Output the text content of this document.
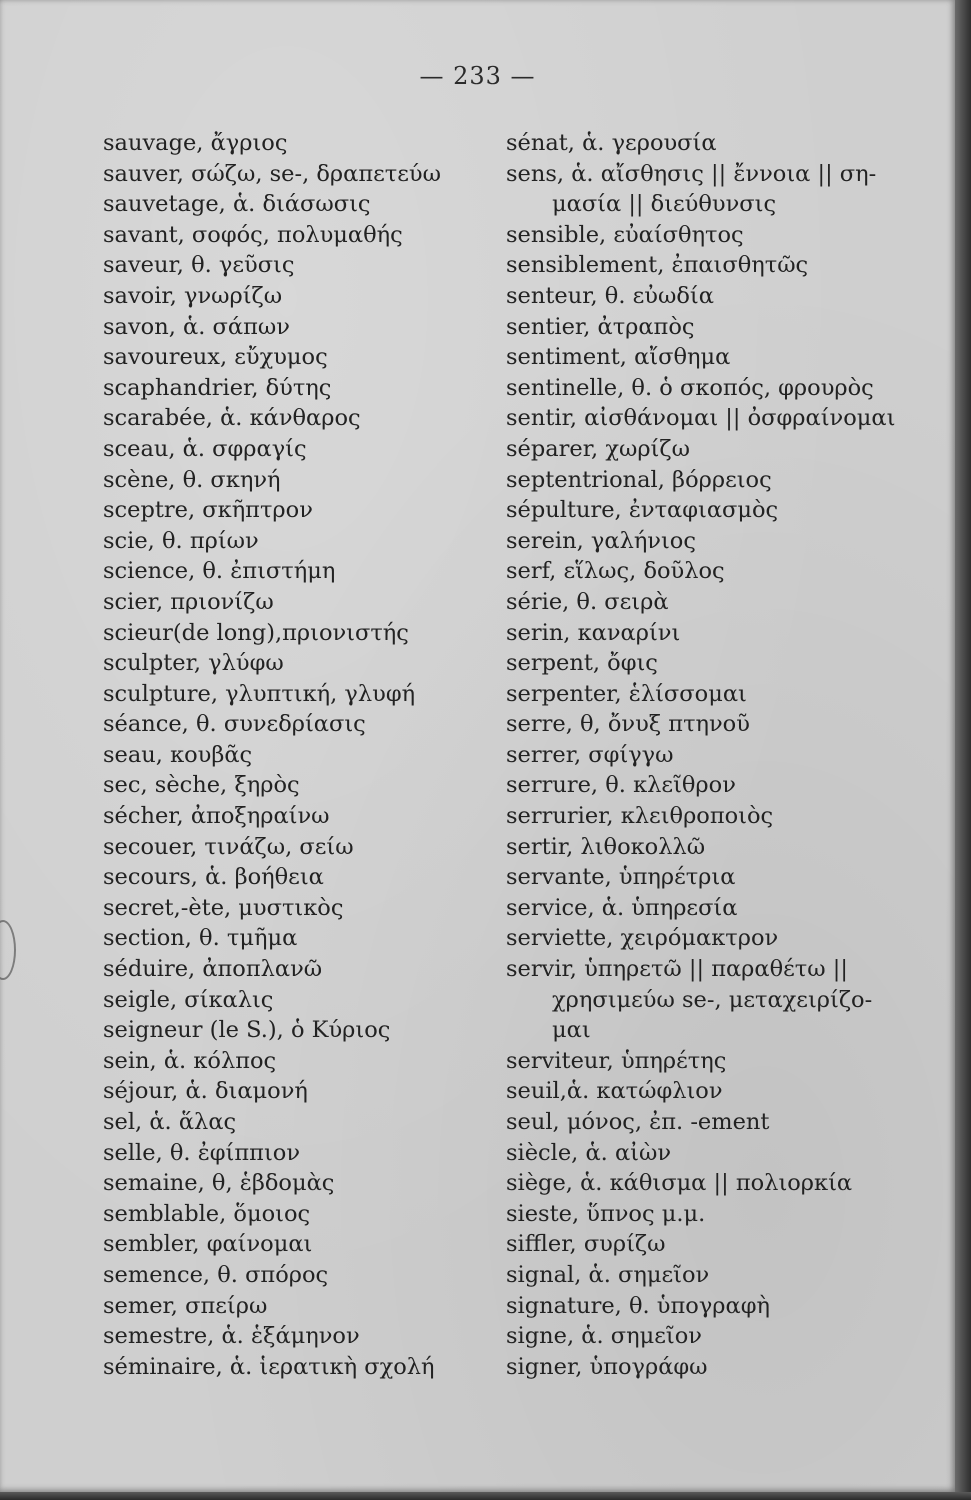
— 233 —
sauvage, ἄγριος
sauver, σώζω, se-, δραπετεύω
sauvetage, ἁ. διάσωσις
savant, σοφός, πολυμαθής
saveur, θ. γεῦσις
savoir, γνωρίζω
savon, ἁ. σάπων
savoureux, εὔχυμος
scaphandrier, δύτης
scarabée, ἁ. κάνθαρος
sceau, ἁ. σφραγίς
scène, θ. σκηνή
sceptre, σκῆπτρον
scie, θ. πρίων
science, θ. ἐπιστήμη
scier, πριονίζω
scieur(de long),πριονιστής
sculpter, γλύφω
sculpture, γλυπτική, γλυφή
séance, θ. συνεδρίασις
seau, κουβᾶς
sec, sèche, ξηρὸς
sécher, ἀποξηραίνω
secouer, τινάζω, σείω
secours, ἁ. βοήθεια
secret,-ète, μυστικὸς
section, θ. τμῆμα
séduire, ἀποπλανῶ
seigle, σίκαλις
seigneur (le S.), ὁ Κύριος
sein, ἁ. κόλπος
séjour, ἁ. διαμονή
sel, ἁ. ἅλας
selle, θ. ἐφίππιον
semaine, θ, ἑβδομὰς
semblable, ὅμοιος
sembler, φαίνομαι
semence, θ. σπόρος
semer, σπείρω
semestre, ἁ. ἑξάμηνον
séminaire, ἁ. ἱερατικὴ σχολή
sénat, ἁ. γερουσία
sens, ἁ. αἴσθησις || ἔννοια || ση-
μασία || διεύθυνσις
sensible, εὐαίσθητος
sensiblement, ἐπαισθητῶς
senteur, θ. εὐωδία
sentier, ἀτραπὸς
sentiment, αἴσθημα
sentinelle, θ. ὁ σκοπός, φρουρὸς
sentir, αἰσθάνομαι || ὀσφραίνομαι
séparer, χωρίζω
septentrional, βόρρειος
sépulture, ἐνταφιασμὸς
serein, γαλήνιος
serf, εἵλως, δοῦλος
série, θ. σειρὰ
serin, καναρίνι
serpent, ὄφις
serpenter, ἑλίσσομαι
serre, θ, ὄνυξ πτηνοῦ
serrer, σφίγγω
serrure, θ. κλεῖθρον
serrurier, κλειθροποιὸς
sertir, λιθοκολλῶ
servante, ὑπηρέτρια
service, ἁ. ὑπηρεσία
serviette, χειρόμακτρον
servir, ὑπηρετῶ || παραθέτω ||
χρησιμεύω se-, μεταχειρίζο-
μαι
serviteur, ὑπηρέτης
seuil,ἁ. κατώφλιον
seul, μόνος, ἐπ. -ement
siècle, ἁ. αἰὼν
siège, ἁ. κάθισμα || πολιορκία
sieste, ὕπνος μ.μ.
siffler, συρίζω
signal, ἁ. σημεῖον
signature, θ. ὑπογραφὴ
signe, ἁ. σημεῖον
signer, ὑπογράφω
